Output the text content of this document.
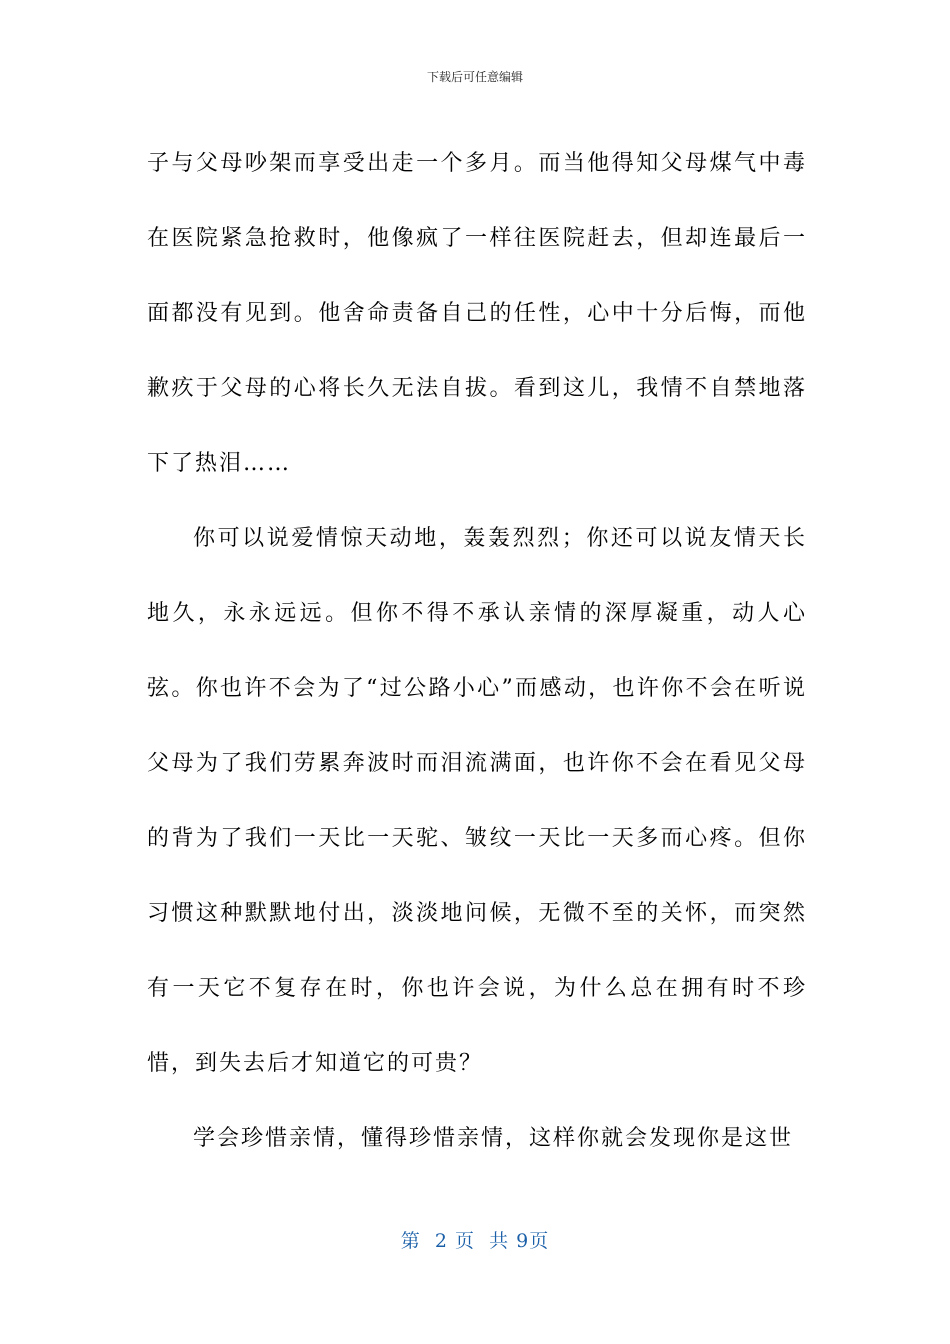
下载后可任意编辑

子与父母吵架而享受出走一个多月。而当他得知父母煤气中毒在医院紧急抢救时，他像疯了一样往医院赶去，但却连最后一面都没有见到。他舍命责备自己的任性，心中十分后悔，而他歉疚于父母的心将长久无法自拔。看到这儿，我情不自禁地落下了热泪……

你可以说爱情惊天动地，轰轰烈烈；你还可以说友情天长地久，永永远远。但你不得不承认亲情的深厚凝重，动人心弦。你也许不会为了“过公路小心”而感动，也许你不会在听说父母为了我们劳累奔波时而泪流满面，也许你不会在看见父母的背为了我们一天比一天驼、皱纹一天比一天多而心疼。但你习惯这种默默地付出，淡淡地问候，无微不至的关怀，而突然有一天它不复存在时，你也许会说，为什么总在拥有时不珍惜，到失去后才知道它的可贵？

学会珍惜亲情，懂得珍惜亲情，这样你就会发现你是这世

第  2 页  共 9页
